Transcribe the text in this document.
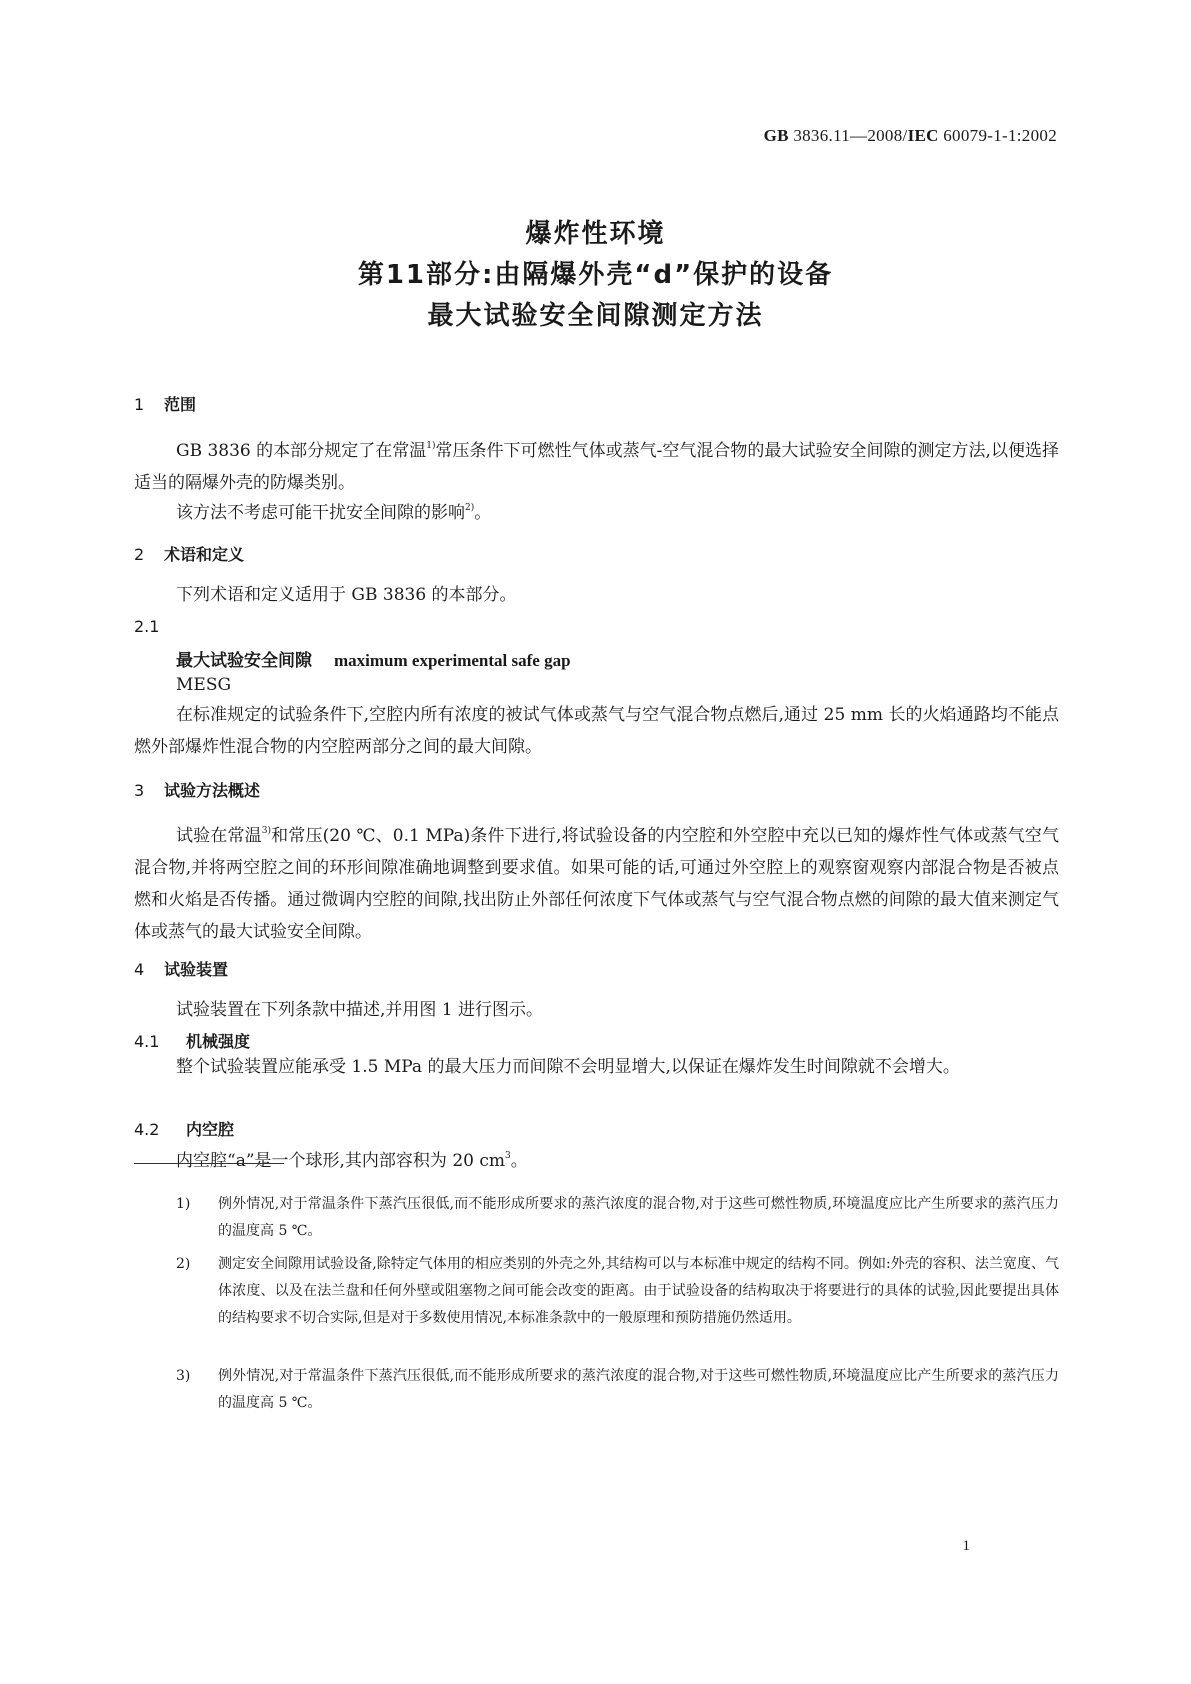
GB 3836.11—2008/IEC 60079-1-1:2002
爆炸性环境
第11部分:由隔爆外壳“d”保护的设备
最大试验安全间隙测定方法
1 范围
GB 3836 的本部分规定了在常温$^{1)}$常压条件下可燃性气体或蒸气-空气混合物的最大试验安全间隙的测定方法,以便选择适当的隔爆外壳的防爆类别。
该方法不考虑可能干扰安全间隙的影响$^{2)}$。
2 术语和定义
下列术语和定义适用于 GB 3836 的本部分。
2.1
最大试验安全间隙 maximum experimental safe gap
MESG
在标准规定的试验条件下,空腔内所有浓度的被试气体或蒸气与空气混合物点燃后,通过 25 mm 长的火焰通路均不能点燃外部爆炸性混合物的内空腔两部分之间的最大间隙。
3 试验方法概述
试验在常温$^{3)}$和常压(20 ℃、0.1 MPa)条件下进行,将试验设备的内空腔和外空腔中充以已知的爆炸性气体或蒸气空气混合物,并将两空腔之间的环形间隙准确地调整到要求值。如果可能的话,可通过外空腔上的观察窗观察内部混合物是否被点燃和火焰是否传播。通过微调内空腔的间隙,找出防止外部任何浓度下气体或蒸气与空气混合物点燃的间隙的最大值来测定气体或蒸气的最大试验安全间隙。
4 试验装置
试验装置在下列条款中描述,并用图 1 进行图示。
4.1 机械强度
整个试验装置应能承受 1.5 MPa 的最大压力而间隙不会明显增大,以保证在爆炸发生时间隙就不会增大。
4.2 内空腔
内空腔“a”是一个球形,其内部容积为 20 $cm^3$。
1)	例外情况,对于常温条件下蒸汽压很低,而不能形成所要求的蒸汽浓度的混合物,对于这些可燃性物质,环境温度应比产生所要求的蒸汽压力的温度高 5 ℃。
2)	测定安全间隙用试验设备,除特定气体用的相应类别的外壳之外,其结构可以与本标准中规定的结构不同。例如:外壳的容积、法兰宽度、气体浓度、以及在法兰盘和任何外壁或阻塞物之间可能会改变的距离。由于试验设备的结构取决于将要进行的具体的试验,因此要提出具体的结构要求不切合实际,但是对于多数使用情况,本标准条款中的一般原理和预防措施仍然适用。
3)	例外情况,对于常温条件下蒸汽压很低,而不能形成所要求的蒸汽浓度的混合物,对于这些可燃性物质,环境温度应比产生所要求的蒸汽压力的温度高 5 ℃。
1
